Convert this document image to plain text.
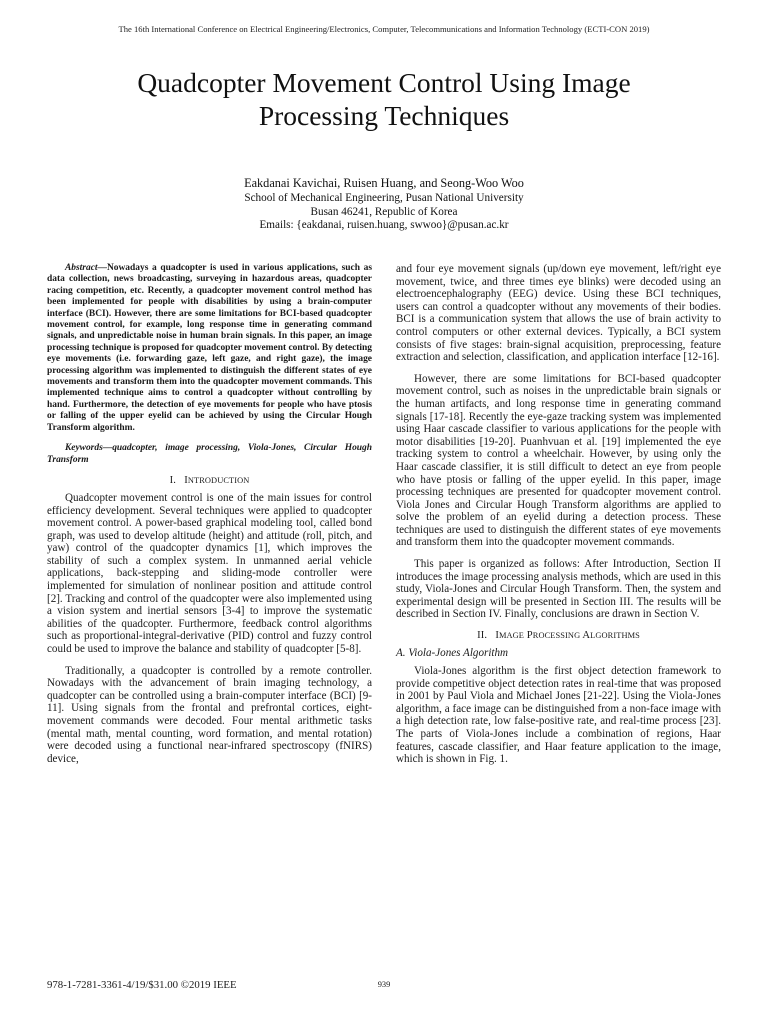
The 16th International Conference on Electrical Engineering/Electronics, Computer, Telecommunications and Information Technology (ECTI-CON 2019)
Quadcopter Movement Control Using Image
Processing Techniques
Eakdanai Kavichai, Ruisen Huang, and Seong-Woo Woo
School of Mechanical Engineering, Pusan National University
Busan 46241, Republic of Korea
Emails: {eakdanai, ruisen.huang, swwoo}@pusan.ac.kr

Abstract—Nowadays a quadcopter is used in various applications, such as data collection, news broadcasting, surveying in hazardous areas, quadcopter racing competition, etc. Recently, a quadcopter movement control method has been implemented for people with disabilities by using a brain-computer interface (BCI). However, there are some limitations for BCI-based quadcopter movement control, for example, long response time in generating command signals, and unpredictable noise in human brain signals. In this paper, an image processing technique is proposed for quadcopter movement control. By detecting eye movements (i.e. forwarding gaze, left gaze, and right gaze), the image processing algorithm was implemented to distinguish the different states of eye movements and transform them into the quadcopter movement commands. This implemented technique aims to control a quadcopter without controlling by hand. Furthermore, the detection of eye movements for people who have ptosis or falling of the upper eyelid can be achieved by using the Circular Hough Transform algorithm.

Keywords—quadcopter, image processing, Viola-Jones, Circular Hough Transform

I. INTRODUCTION

Quadcopter movement control is one of the main issues for control efficiency development. Several techniques were applied to quadcopter movement control. A power-based graphical modeling tool, called bond graph, was used to develop altitude (height) and attitude (roll, pitch, and yaw) control of the quadcopter dynamics [1], which improves the stability of such a complex system. In unmanned aerial vehicle applications, back-stepping and sliding-mode controller were implemented for simulation of nonlinear position and attitude control [2]. Tracking and control of the quadcopter were also implemented using a vision system and inertial sensors [3-4] to improve the systematic abilities of the quadcopter. Furthermore, feedback control algorithms such as proportional-integral-derivative (PID) control and fuzzy control could be used to improve the balance and stability of quadcopter [5-8].

Traditionally, a quadcopter is controlled by a remote controller. Nowadays with the advancement of brain imaging technology, a quadcopter can be controlled using a brain-computer interface (BCI) [9-11]. Using signals from the frontal and prefrontal cortices, eight-movement commands were decoded. Four mental arithmetic tasks (mental math, mental counting, word formation, and mental rotation) were decoded using a functional near-infrared spectroscopy (fNIRS) device,

and four eye movement signals (up/down eye movement, left/right eye movement, twice, and three times eye blinks) were decoded using an electroencephalography (EEG) device. Using these BCI techniques, users can control a quadcopter without any movements of their bodies. BCI is a communication system that allows the use of brain activity to control computers or other external devices. Typically, a BCI system consists of five stages: brain-signal acquisition, preprocessing, feature extraction and selection, classification, and application interface [12-16].

However, there are some limitations for BCI-based quadcopter movement control, such as noises in the unpredictable brain signals or the human artifacts, and long response time in generating command signals [17-18]. Recently the eye-gaze tracking system was implemented using Haar cascade classifier to various applications for the people with motor disabilities [19-20]. Puanhvuan et al. [19] implemented the eye tracking system to control a wheelchair. However, by using only the Haar cascade classifier, it is still difficult to detect an eye from people who have ptosis or falling of the upper eyelid. In this paper, image processing techniques are presented for quadcopter movement control. Viola Jones and Circular Hough Transform algorithms are applied to solve the problem of an eyelid during a detection process. These techniques are used to distinguish the different states of eye movements and transform them into the quadcopter movement commands.

This paper is organized as follows: After Introduction, Section II introduces the image processing analysis methods, which are used in this study, Viola-Jones and Circular Hough Transform. Then, the system and experimental design will be presented in Section III. The results will be described in Section IV. Finally, conclusions are drawn in Section V.

II. IMAGE PROCESSING ALGORITHMS
A. Viola-Jones Algorithm

Viola-Jones algorithm is the first object detection framework to provide competitive object detection rates in real-time that was proposed in 2001 by Paul Viola and Michael Jones [21-22]. Using the Viola-Jones algorithm, a face image can be distinguished from a non-face image with a high detection rate, low false-positive rate, and real-time process [23]. The parts of Viola-Jones include a combination of regions, Haar features, cascade classifier, and Haar feature application to the image, which is shown in Fig. 1.

978-1-7281-3361-4/19/$31.00 ©2019 IEEE	939
